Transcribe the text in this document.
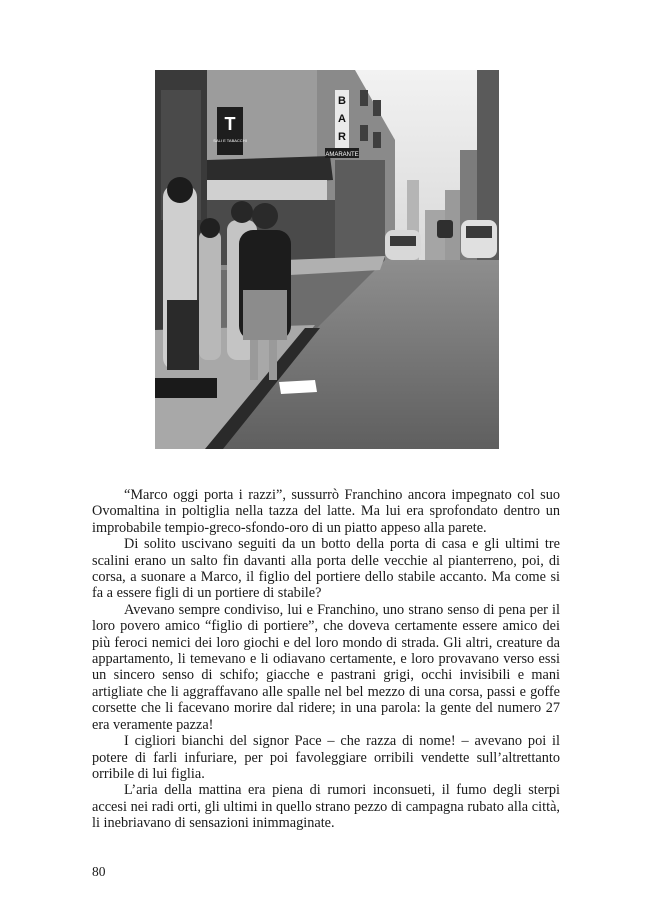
T
SALI E TABACCHI
B
A
R
AMARANTE

“Marco oggi porta i razzi”, sussurrò Franchino ancora impegnato col suo Ovomaltina in poltiglia nella tazza del latte. Ma lui era sprofondato dentro un improbabile tempio-greco-sfondo-oro di un piatto appeso alla parete.

Di solito uscivano seguiti da un botto della porta di casa e gli ultimi tre scalini erano un salto fin davanti alla porta delle vecchie al pianterreno, poi, di corsa, a suonare a Marco, il figlio del portiere dello stabile accanto. Ma come si fa a essere figli di un portiere di stabile?

Avevano sempre condiviso, lui e Franchino, uno strano senso di pena per il loro povero amico “figlio di portiere”, che doveva certamente essere amico dei più feroci nemici dei loro giochi e del loro mondo di strada. Gli altri, creature da appartamento, li temevano e li odiavano certamente, e loro provavano verso essi un sincero senso di schifo; giacche e pastrani grigi, occhi invisibili e mani artigliate che li aggraffavano alle spalle nel bel mezzo di una corsa, passi e goffe corsette che li facevano morire dal ridere; in una parola: la gente del numero 27 era veramente pazza!

I cigliori bianchi del signor Pace – che razza di nome! – avevano poi il potere di farli infuriare, per poi favoleggiare orribili vendette sull’altrettanto orribile di lui figlia.

L’aria della mattina era piena di rumori inconsueti, il fumo degli sterpi accesi nei radi orti, gli ultimi in quello strano pezzo di campagna rubato alla città, li inebriavano di sensazioni inimmaginate.

80
